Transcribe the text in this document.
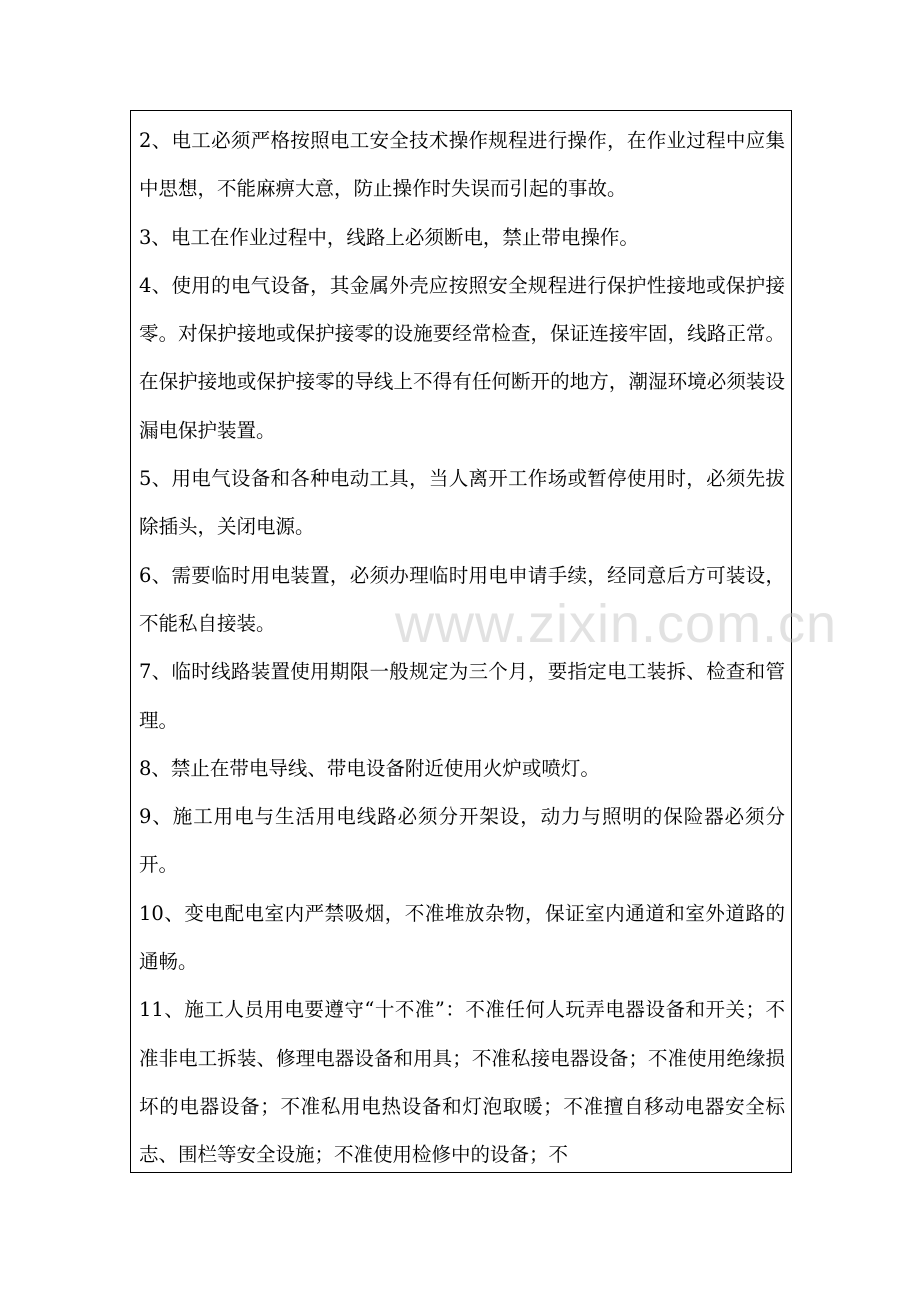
2、电工必须严格按照电工安全技术操作规程进行操作，在作业过程中应集中思想，不能麻痹大意，防止操作时失误而引起的事故。
3、电工在作业过程中，线路上必须断电，禁止带电操作。
4、使用的电气设备，其金属外壳应按照安全规程进行保护性接地或保护接零。对保护接地或保护接零的设施要经常检查，保证连接牢固，线路正常。在保护接地或保护接零的导线上不得有任何断开的地方，潮湿环境必须装设漏电保护装置。
5、用电气设备和各种电动工具，当人离开工作场或暂停使用时，必须先拔除插头，关闭电源。
6、需要临时用电装置，必须办理临时用电申请手续，经同意后方可装设，不能私自接装。
7、临时线路装置使用期限一般规定为三个月，要指定电工装拆、检查和管理。
8、禁止在带电导线、带电设备附近使用火炉或喷灯。
9、施工用电与生活用电线路必须分开架设，动力与照明的保险器必须分开。
10、变电配电室内严禁吸烟，不准堆放杂物，保证室内通道和室外道路的通畅。
11、施工人员用电要遵守“十不准”：不准任何人玩弄电器设备和开关；不准非电工拆装、修理电器设备和用具；不准私接电器设备；不准使用绝缘损坏的电器设备；不准私用电热设备和灯泡取暖；不准擅自移动电器安全标志、围栏等安全设施；不准使用检修中的设备；不
www.zixin.com.cn
